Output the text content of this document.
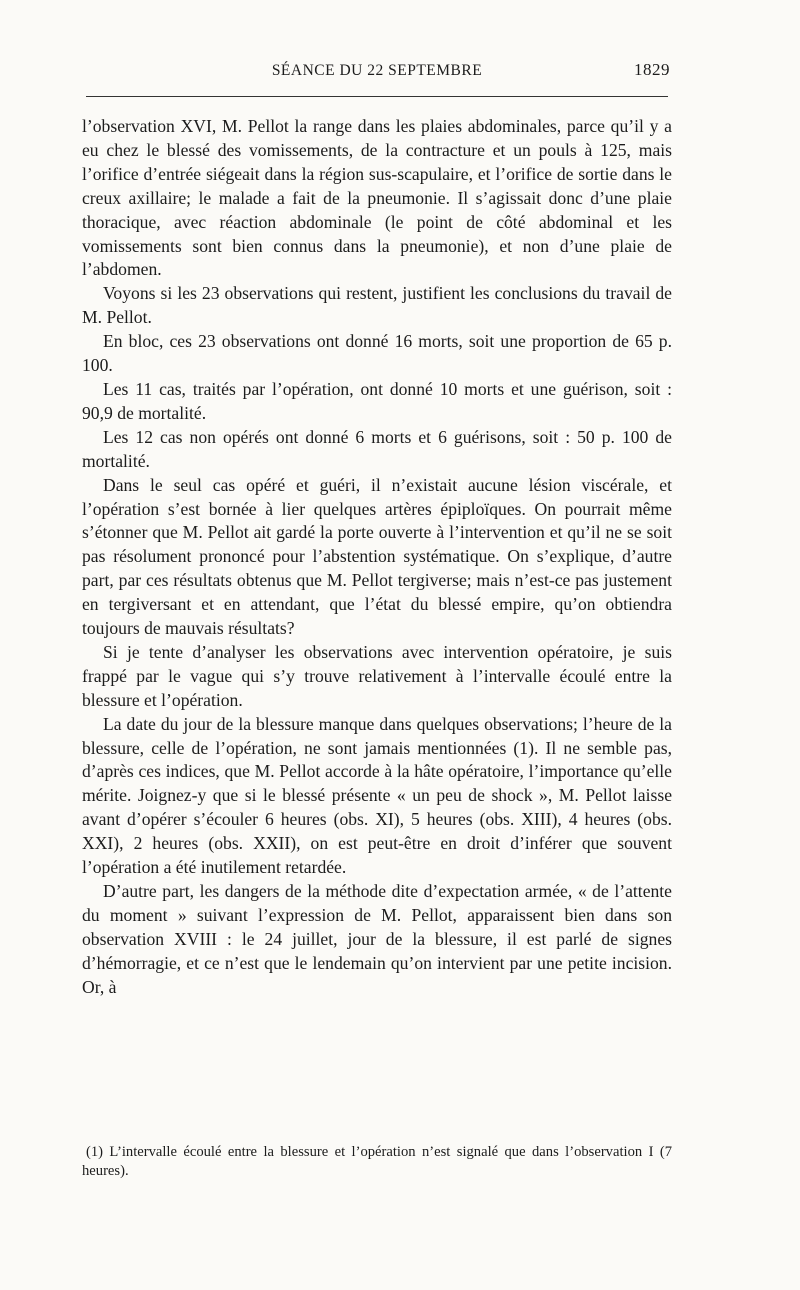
SÉANCE DU 22 SEPTEMBRE	1829

l’observation XVI, M. Pellot la range dans les plaies abdominales, parce qu’il y a eu chez le blessé des vomissements, de la contracture et un pouls à 125, mais l’orifice d’entrée siégeait dans la région sus-scapulaire, et l’orifice de sortie dans le creux axillaire; le malade a fait de la pneumonie. Il s’agissait donc d’une plaie thoracique, avec réaction abdominale (le point de côté abdominal et les vomissements sont bien connus dans la pneumonie), et non d’une plaie de l’abdomen.

Voyons si les 23 observations qui restent, justifient les conclusions du travail de M. Pellot.

En bloc, ces 23 observations ont donné 16 morts, soit une proportion de 65 p. 100.

Les 11 cas, traités par l’opération, ont donné 10 morts et une guérison, soit : 90,9 de mortalité.

Les 12 cas non opérés ont donné 6 morts et 6 guérisons, soit : 50 p. 100 de mortalité.

Dans le seul cas opéré et guéri, il n’existait aucune lésion viscérale, et l’opération s’est bornée à lier quelques artères épiploïques. On pourrait même s’étonner que M. Pellot ait gardé la porte ouverte à l’intervention et qu’il ne se soit pas résolument prononcé pour l’abstention systématique. On s’explique, d’autre part, par ces résultats obtenus que M. Pellot tergiverse; mais n’est-ce pas justement en tergiversant et en attendant, que l’état du blessé empire, qu’on obtiendra toujours de mauvais résultats?

Si je tente d’analyser les observations avec intervention opératoire, je suis frappé par le vague qui s’y trouve relativement à l’intervalle écoulé entre la blessure et l’opération.

La date du jour de la blessure manque dans quelques observations; l’heure de la blessure, celle de l’opération, ne sont jamais mentionnées (1). Il ne semble pas, d’après ces indices, que M. Pellot accorde à la hâte opératoire, l’importance qu’elle mérite. Joignez-y que si le blessé présente « un peu de shock », M. Pellot laisse avant d’opérer s’écouler 6 heures (obs. XI), 5 heures (obs. XIII), 4 heures (obs. XXI), 2 heures (obs. XXII), on est peut-être en droit d’inférer que souvent l’opération a été inutilement retardée.

D’autre part, les dangers de la méthode dite d’expectation armée, « de l’attente du moment » suivant l’expression de M. Pellot, apparaissent bien dans son observation XVIII : le 24 juillet, jour de la blessure, il est parlé de signes d’hémorragie, et ce n’est que le lendemain qu’on intervient par une petite incision. Or, à

(1) L’intervalle écoulé entre la blessure et l’opération n’est signalé que dans l’observation I (7 heures).
